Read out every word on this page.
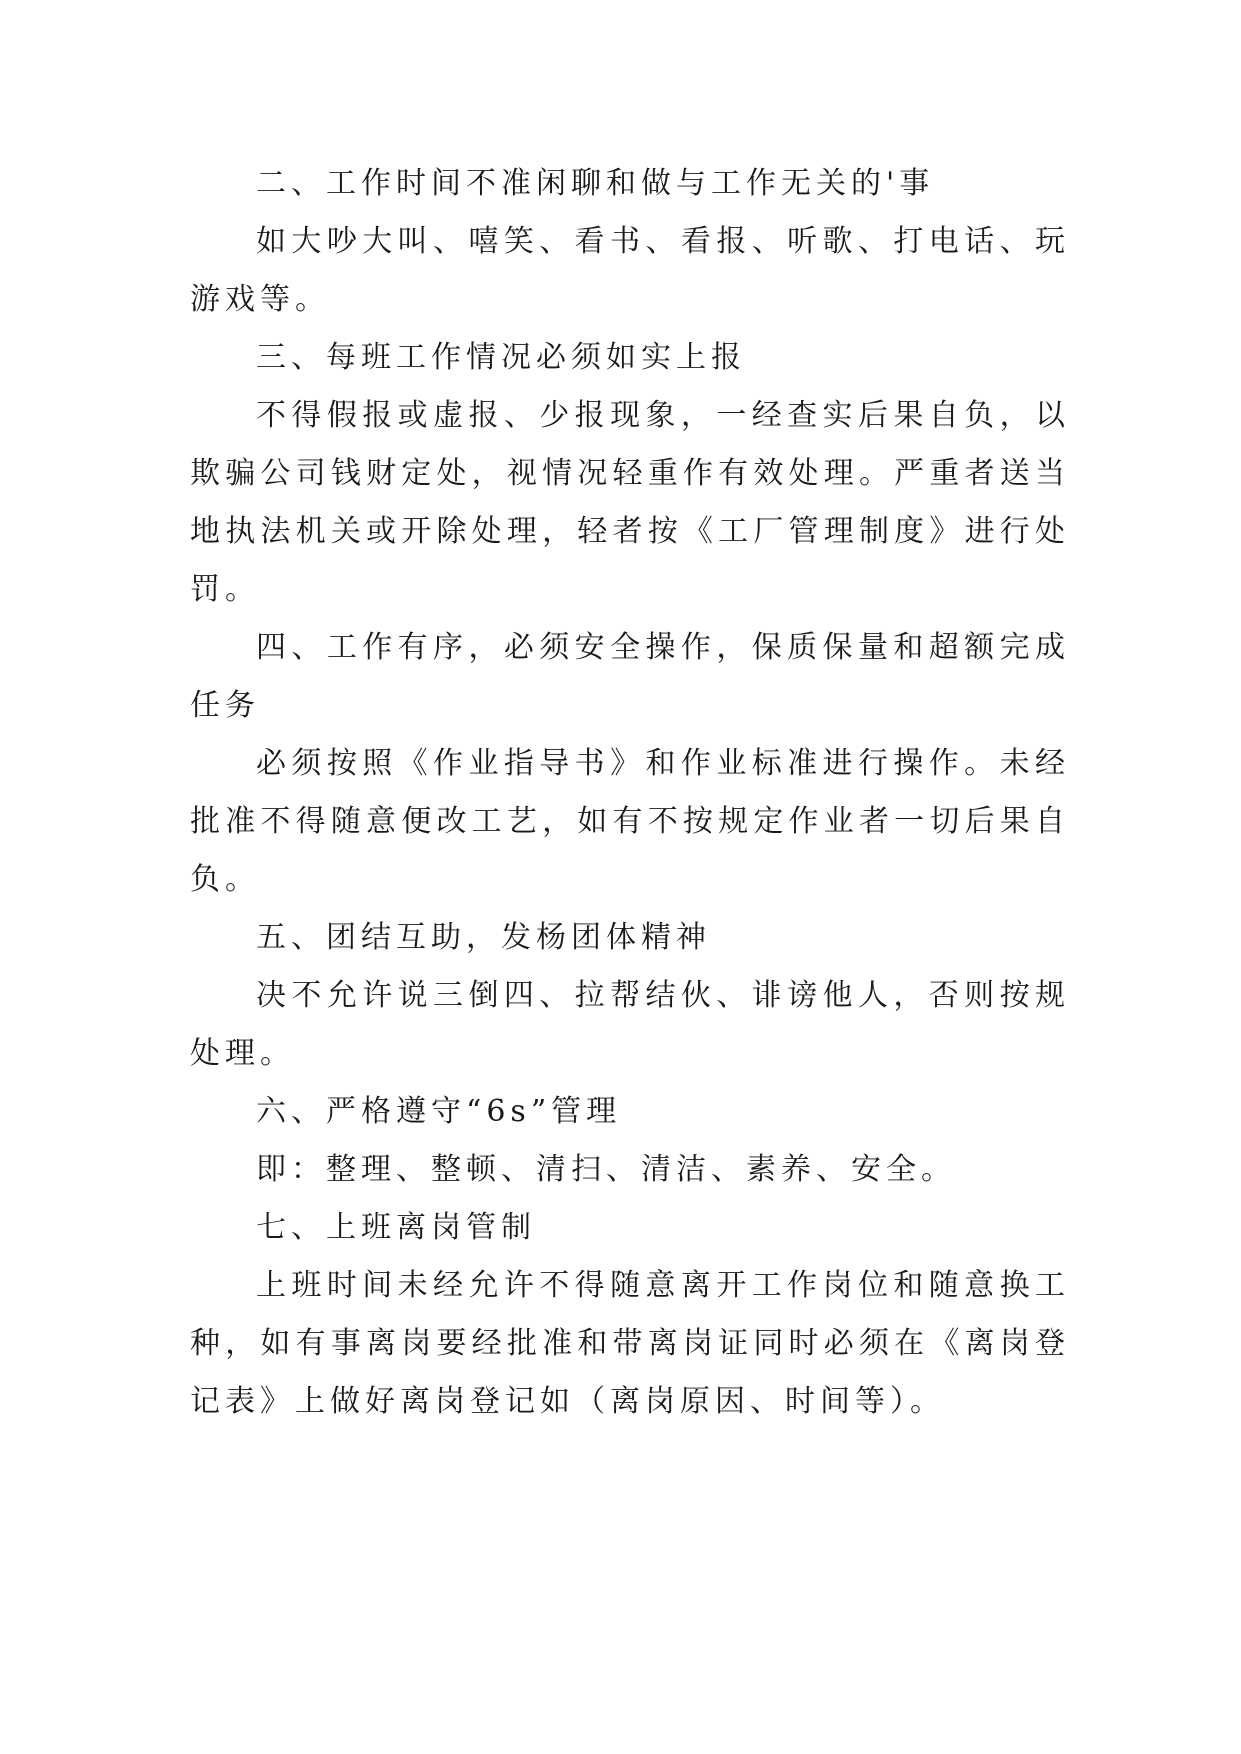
二、工作时间不准闲聊和做与工作无关的'事

如大吵大叫、嘻笑、看书、看报、听歌、打电话、玩游戏等。

三、每班工作情况必须如实上报

不得假报或虚报、少报现象，一经查实后果自负，以欺骗公司钱财定处，视情况轻重作有效处理。严重者送当地执法机关或开除处理，轻者按《工厂管理制度》进行处罚。

四、工作有序，必须安全操作，保质保量和超额完成任务

必须按照《作业指导书》和作业标准进行操作。未经批准不得随意便改工艺，如有不按规定作业者一切后果自负。

五、团结互助，发杨团体精神

决不允许说三倒四、拉帮结伙、诽谤他人，否则按规处理。

六、严格遵守“6s”管理

即：整理、整顿、清扫、清洁、素养、安全。

七、上班离岗管制

上班时间未经允许不得随意离开工作岗位和随意换工种，如有事离岗要经批准和带离岗证同时必须在《离岗登记表》上做好离岗登记如（离岗原因、时间等）。
